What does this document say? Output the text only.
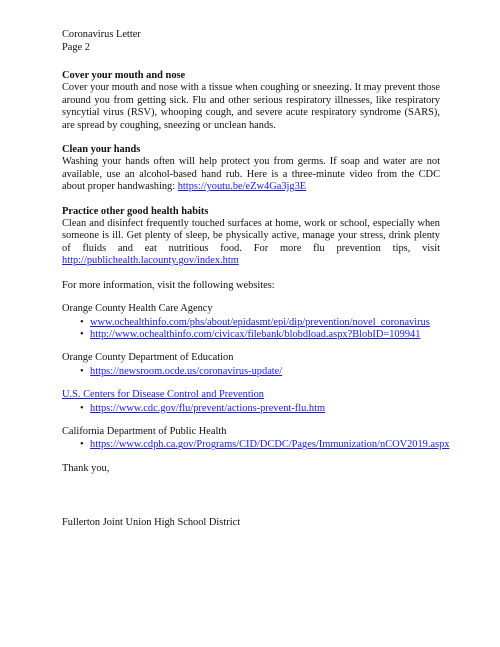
Coronavirus Letter
Page 2
Cover your mouth and nose
Cover your mouth and nose with a tissue when coughing or sneezing. It may prevent those around you from getting sick. Flu and other serious respiratory illnesses, like respiratory syncytial virus (RSV), whooping cough, and severe acute respiratory syndrome (SARS), are spread by coughing, sneezing or unclean hands.
Clean your hands
Washing your hands often will help protect you from germs. If soap and water are not available, use an alcohol-based hand rub. Here is a three-minute video from the CDC about proper handwashing: https://youtu.be/eZw4Ga3jg3E
Practice other good health habits
Clean and disinfect frequently touched surfaces at home, work or school, especially when someone is ill. Get plenty of sleep, be physically active, manage your stress, drink plenty of fluids and eat nutritious food. For more flu prevention tips, visit http://publichealth.lacounty.gov/index.htm
For more information, visit the following websites:
Orange County Health Care Agency
• www.ochealthinfo.com/phs/about/epidasmt/epi/dip/prevention/novel_coronavirus
• http://www.ochealthinfo.com/civicax/filebank/blobdload.aspx?BlobID=109941
Orange County Department of Education
• https://newsroom.ocde.us/coronavirus-update/
U.S. Centers for Disease Control and Prevention
• https://www.cdc.gov/flu/prevent/actions-prevent-flu.htm
California Department of Public Health
• https://www.cdph.ca.gov/Programs/CID/DCDC/Pages/Immunization/nCOV2019.aspx
Thank you,
Fullerton Joint Union High School District
